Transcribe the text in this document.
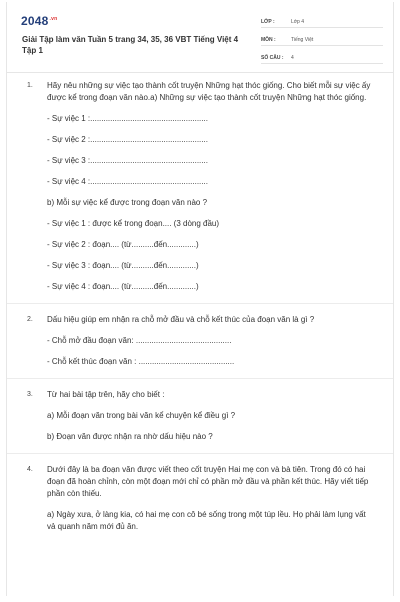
$2048^{.vn}$
Giải Tập làm văn Tuần 5 trang 34, 35, 36 VBT Tiếng Việt 4 Tập 1
LỚP :	Lớp 4
MÔN :	Tiếng Việt
SỐ CÂU :	4
1. Hãy nêu những sự việc tạo thành cốt truyện Những hạt thóc giống. Cho biết mỗi sự việc ấy được kể trong đoạn văn nào.a) Những sự việc tạo thành cốt truyện Những hạt thóc giống.

- Sự việc 1 :.....................................................
- Sự việc 2 :.....................................................
- Sự việc 3 :.....................................................
- Sự việc 4 :.....................................................
b) Mỗi sự việc kể được trong đoạn văn nào ?
- Sự việc 1 : được kể trong đoạn.... (3 dòng đầu)
- Sự việc 2 : đoạn.... (từ..........đến.............)
- Sự việc 3 : đoạn.... (từ..........đến.............)
- Sự việc 4 : đoạn.... (từ..........đến.............)
2. Dấu hiệu giúp em nhận ra chỗ mở đầu và chỗ kết thúc của đoạn văn là gì ?

- Chỗ mở đầu đoạn văn: ...........................................
- Chỗ kết thúc đoạn văn : ...........................................
3. Từ hai bài tập trên, hãy cho biết :

a) Mỗi đoạn văn trong bài văn kể chuyện kể điều gì ?
b) Đoạn văn được nhận ra nhờ dấu hiệu nào ?
4. Dưới đây là ba đoạn văn được viết theo cốt truyện Hai mẹ con và bà tiên. Trong đó có hai đoạn đã hoàn chỉnh, còn một đoạn mới chỉ có phần mở đầu và phần kết thúc. Hãy viết tiếp phần còn thiếu.

a) Ngày xưa, ở làng kia, có hai mẹ con cô bé sống trong một túp lều. Họ phải làm lụng vất vả quanh năm mới đủ ăn.
